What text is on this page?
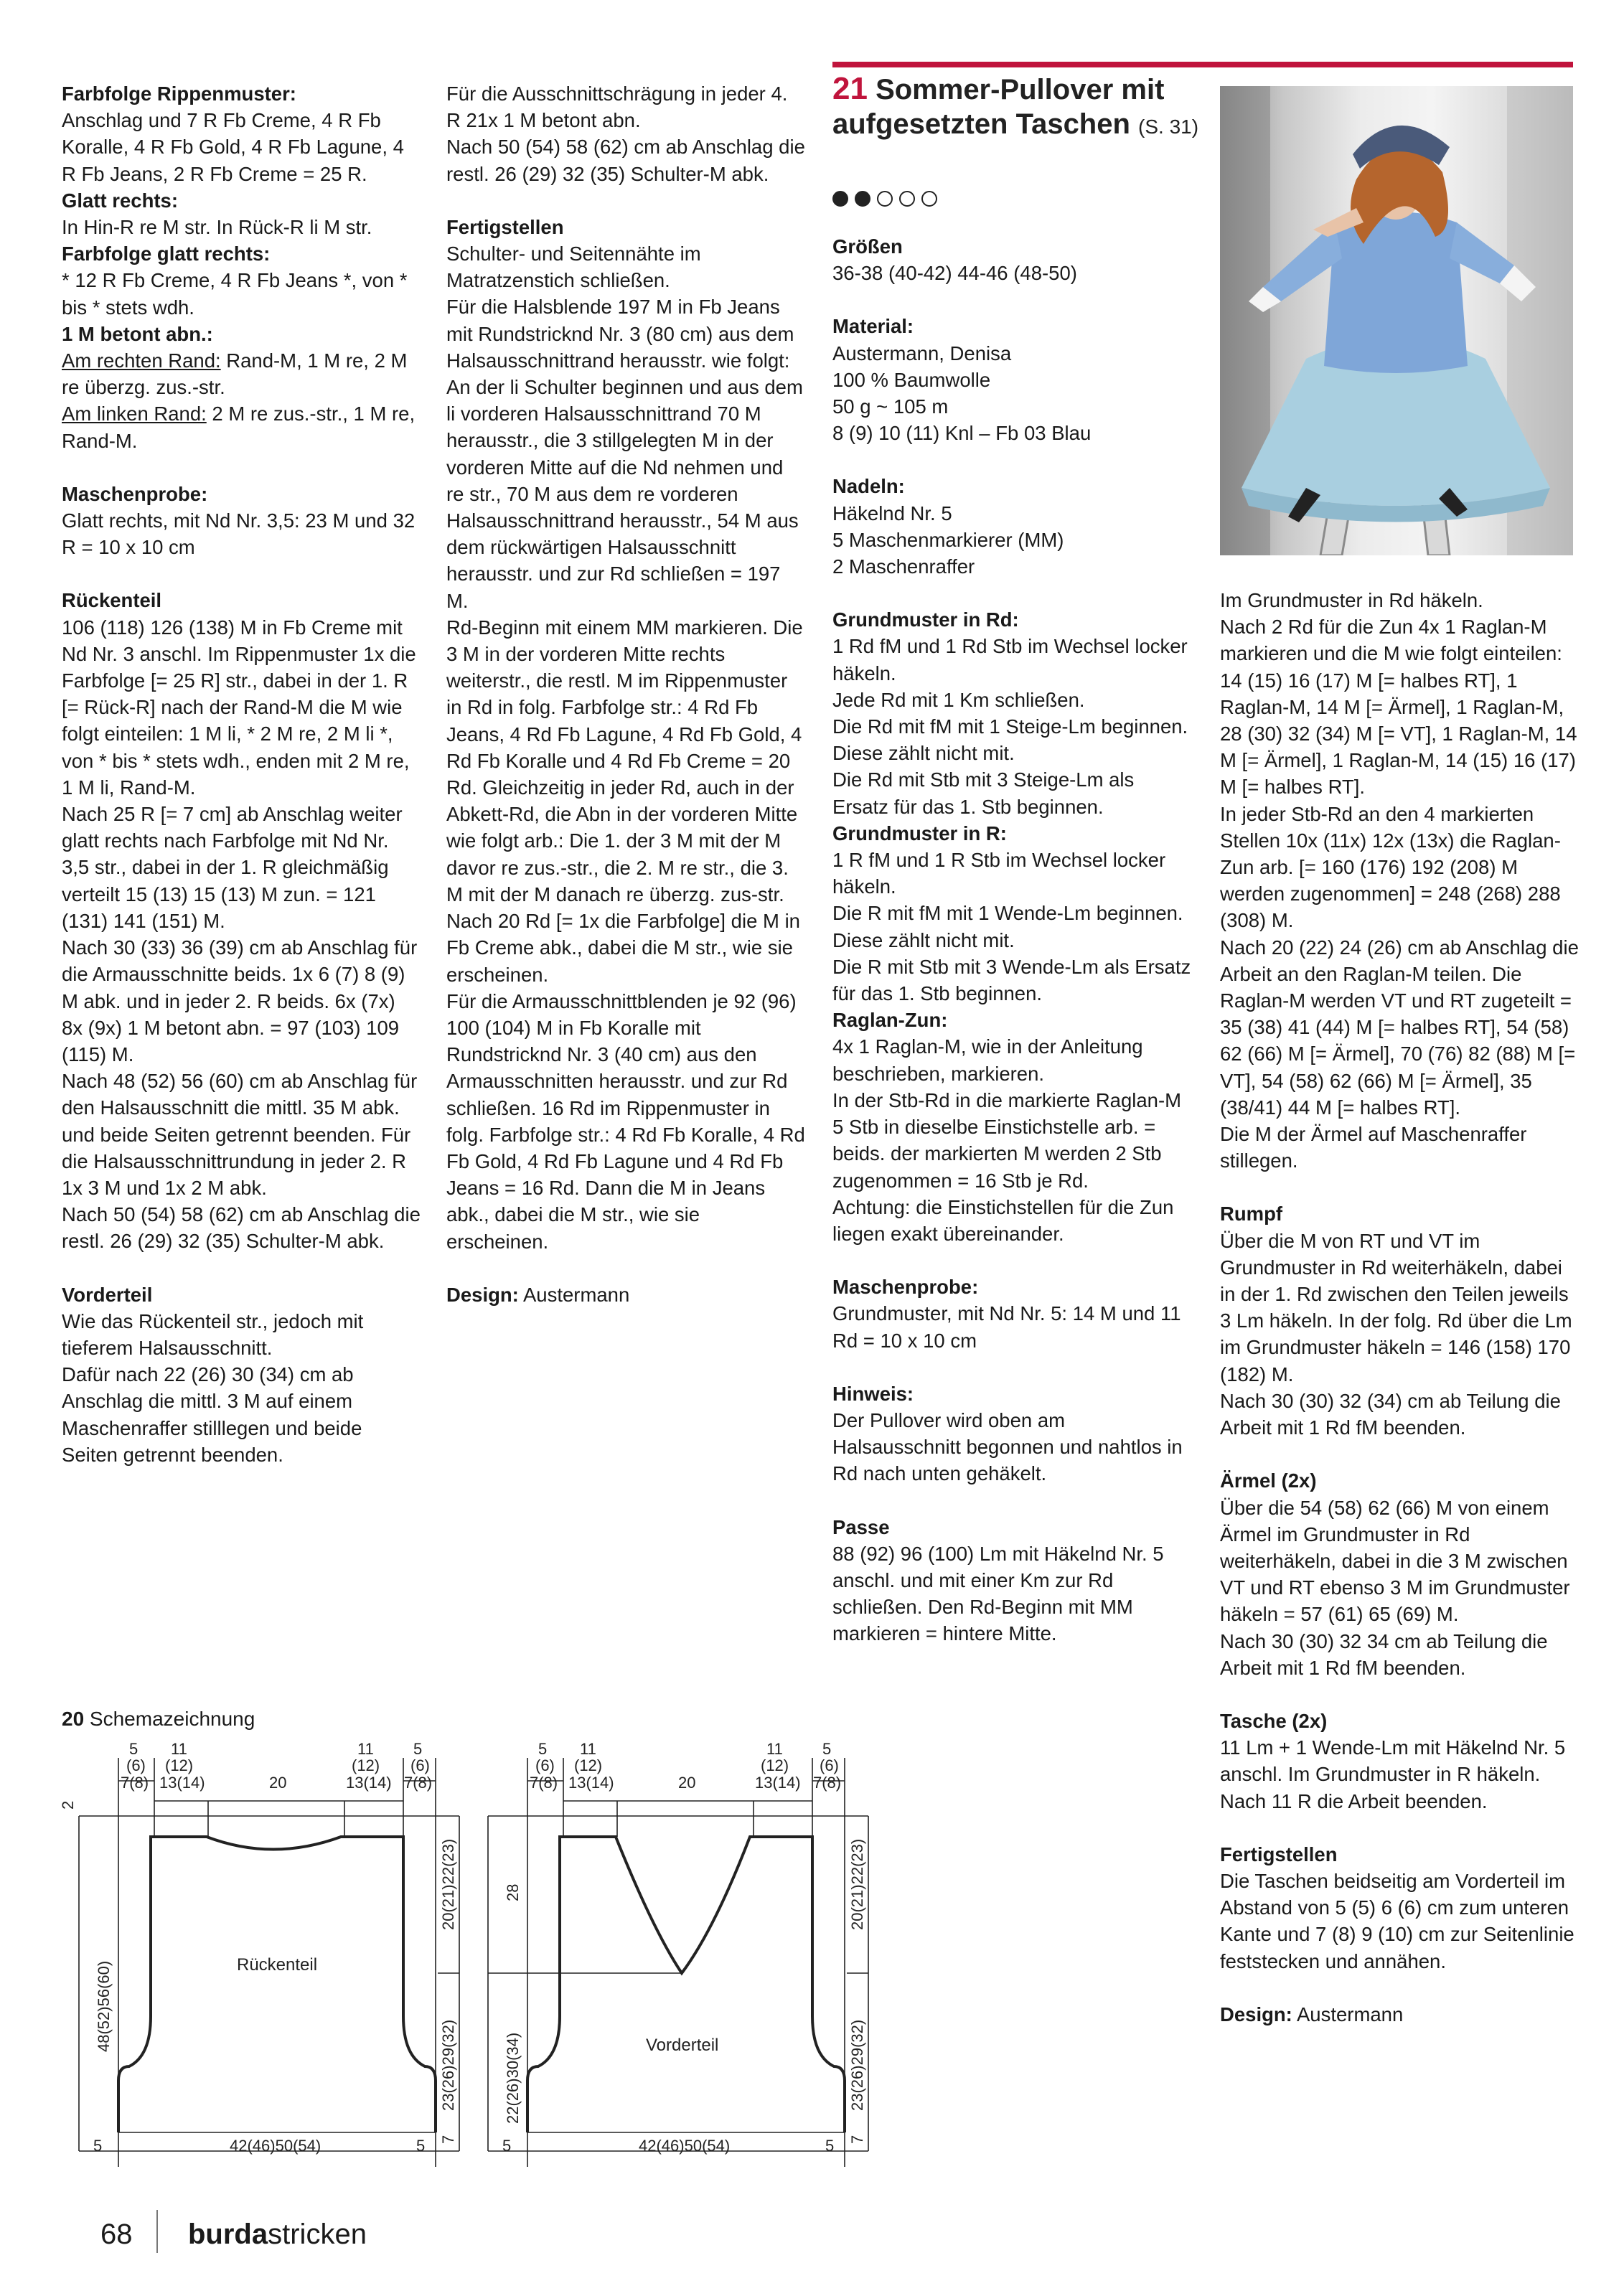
Farbfolge Rippenmuster:

Anschlag und 7 R Fb Creme, 4 R Fb Koralle, 4 R Fb Gold, 4 R Fb Lagune, 4 R Fb Jeans, 2 R Fb Creme = 25 R.

Glatt rechts:

In Hin-R re M str. In Rück-R li M str.

Farbfolge glatt rechts:

* 12 R Fb Creme, 4 R Fb Jeans *, von * bis * stets wdh.

1 M betont abn.:

Am rechten Rand: Rand-M, 1 M re, 2 M re überzg. zus.-str.

Am linken Rand: 2 M re zus.-str., 1 M re, Rand-M.

Maschenprobe:

Glatt rechts, mit Nd Nr. 3,5: 23 M und 32 R = 10 x 10 cm

Rückenteil

106 (118) 126 (138) M in Fb Creme mit Nd Nr. 3 anschl. Im Rippenmuster 1x die Farbfolge [= 25 R] str., dabei in der 1. R [= Rück-R] nach der Rand-M die M wie folgt einteilen: 1 M li, * 2 M re, 2 M li *, von * bis * stets wdh., enden mit 2 M re, 1 M li, Rand-M.

Nach 25 R [= 7 cm] ab Anschlag weiter glatt rechts nach Farbfolge mit Nd Nr. 3,5 str., dabei in der 1. R gleichmäßig verteilt 15 (13) 15 (13) M zun. = 121 (131) 141 (151) M.

Nach 30 (33) 36 (39) cm ab Anschlag für die Armausschnitte beids. 1x 6 (7) 8 (9) M abk. und in jeder 2. R beids. 6x (7x) 8x (9x) 1 M betont abn. = 97 (103) 109 (115) M.

Nach 48 (52) 56 (60) cm ab Anschlag für den Halsausschnitt die mittl. 35 M abk. und beide Seiten getrennt beenden. Für die Halsausschnittrundung in jeder 2. R 1x 3 M und 1x 2 M abk.

Nach 50 (54) 58 (62) cm ab Anschlag die restl. 26 (29) 32 (35) Schulter-M abk.

Vorderteil

Wie das Rückenteil str., jedoch mit tieferem Halsausschnitt.

Dafür nach 22 (26) 30 (34) cm ab Anschlag die mittl. 3 M auf einem Maschenraffer stilllegen und beide Seiten getrennt beenden.

Für die Ausschnittschrägung in jeder 4. R 21x 1 M betont abn.

Nach 50 (54) 58 (62) cm ab Anschlag die restl. 26 (29) 32 (35) Schulter-M abk.

Fertigstellen

Schulter- und Seitennähte im Matratzenstich schließen.

Für die Halsblende 197 M in Fb Jeans mit Rundstricknd Nr. 3 (80 cm) aus dem Halsausschnittrand herausstr. wie folgt: An der li Schulter beginnen und aus dem li vorderen Halsausschnittrand 70 M herausstr., die 3 stillgelegten M in der vorderen Mitte auf die Nd nehmen und re str., 70 M aus dem re vorderen Halsausschnittrand herausstr., 54 M aus dem rückwärtigen Halsausschnitt herausstr. und zur Rd schließen = 197 M.

Rd-Beginn mit einem MM markieren. Die 3 M in der vorderen Mitte rechts weiterstr., die restl. M im Rippenmuster in Rd in folg. Farbfolge str.: 4 Rd Fb Jeans, 4 Rd Fb Lagune, 4 Rd Fb Gold, 4 Rd Fb Koralle und 4 Rd Fb Creme = 20 Rd. Gleichzeitig in jeder Rd, auch in der Abkett-Rd, die Abn in der vorderen Mitte wie folgt arb.: Die 1. der 3 M mit der M davor re zus.-str., die 2. M re str., die 3. M mit der M danach re überzg. zus-str.

Nach 20 Rd [= 1x die Farbfolge] die M in Fb Creme abk., dabei die M str., wie sie erscheinen.

Für die Armausschnittblenden je 92 (96) 100 (104) M in Fb Koralle mit Rundstricknd Nr. 3 (40 cm) aus den Armausschnitten herausstr. und zur Rd schließen. 16 Rd im Rippenmuster in folg. Farbfolge str.: 4 Rd Fb Koralle, 4 Rd Fb Gold, 4 Rd Fb Lagune und 4 Rd Fb Jeans = 16 Rd. Dann die M in Jeans abk., dabei die M str., wie sie erscheinen.

Design: Austermann

21 Sommer-Pullover mit aufgesetzten Taschen (S. 31)

Größen

36-38 (40-42) 44-46 (48-50)

Material:

Austermann, Denisa

100 % Baumwolle

50 g ~ 105 m

8 (9) 10 (11) Knl – Fb 03 Blau

Nadeln:

Häkelnd Nr. 5

5 Maschenmarkierer (MM)

2 Maschenraffer

Grundmuster in Rd:

1 Rd fM und 1 Rd Stb im Wechsel locker häkeln.

Jede Rd mit 1 Km schließen.

Die Rd mit fM mit 1 Steige-Lm beginnen. Diese zählt nicht mit.

Die Rd mit Stb mit 3 Steige-Lm als Ersatz für das 1. Stb beginnen.

Grundmuster in R:

1 R fM und 1 R Stb im Wechsel locker häkeln.

Die R mit fM mit 1 Wende-Lm beginnen. Diese zählt nicht mit.

Die R mit Stb mit 3 Wende-Lm als Ersatz für das 1. Stb beginnen.

Raglan-Zun:

4x 1 Raglan-M, wie in der Anleitung beschrieben, markieren.

In der Stb-Rd in die markierte Raglan-M 5 Stb in dieselbe Einstichstelle arb. = beids. der markierten M werden 2 Stb zugenommen = 16 Stb je Rd.

Achtung: die Einstichstellen für die Zun liegen exakt übereinander.

Maschenprobe:

Grundmuster, mit Nd Nr. 5: 14 M und 11 Rd = 10 x 10 cm

Hinweis:

Der Pullover wird oben am Halsausschnitt begonnen und nahtlos in Rd nach unten gehäkelt.

Passe

88 (92) 96 (100) Lm mit Häkelnd Nr. 5 anschl. und mit einer Km zur Rd schließen. Den Rd-Beginn mit MM markieren = hintere Mitte.

Im Grundmuster in Rd häkeln.

Nach 2 Rd für die Zun 4x 1 Raglan-M markieren und die M wie folgt einteilen: 14 (15) 16 (17) M [= halbes RT], 1 Raglan-M, 14 M [= Ärmel], 1 Raglan-M, 28 (30) 32 (34) M [= VT], 1 Raglan-M, 14 M [= Ärmel], 1 Raglan-M, 14 (15) 16 (17) M [= halbes RT].

In jeder Stb-Rd an den 4 markierten Stellen 10x (11x) 12x (13x) die Raglan-Zun arb. [= 160 (176) 192 (208) M werden zugenommen] = 248 (268) 288 (308) M.

Nach 20 (22) 24 (26) cm ab Anschlag die Arbeit an den Raglan-M teilen. Die Raglan-M werden VT und RT zugeteilt = 35 (38) 41 (44) M [= halbes RT], 54 (58) 62 (66) M [= Ärmel], 70 (76) 82 (88) M [= VT], 54 (58) 62 (66) M [= Ärmel], 35 (38/41) 44 M [= halbes RT].

Die M der Ärmel auf Maschenraffer stillegen.

Rumpf

Über die M von RT und VT im Grundmuster in Rd weiterhäkeln, dabei in der 1. Rd zwischen den Teilen jeweils 3 Lm häkeln. In der folg. Rd über die Lm im Grundmuster häkeln = 146 (158) 170 (182) M.

Nach 30 (30) 32 (34) cm ab Teilung die Arbeit mit 1 Rd fM beenden.

Ärmel (2x)

Über die 54 (58) 62 (66) M von einem Ärmel im Grundmuster in Rd weiterhäkeln, dabei in die 3 M zwischen VT und RT ebenso 3 M im Grundmuster häkeln = 57 (61) 65 (69) M.

Nach 30 (30) 32 34 cm ab Teilung die Arbeit mit 1 Rd fM beenden.

Tasche (2x)

11 Lm + 1 Wende-Lm mit Häkelnd Nr. 5 anschl. Im Grundmuster in R häkeln.

Nach 11 R die Arbeit beenden.

Fertigstellen

Die Taschen beidseitig am Vorderteil im Abstand von 5 (5) 6 (6) cm zum unteren Kante und 7 (8) 9 (10) cm zur Seitenlinie feststecken und annähen.

Design: Austermann

20 Schemazeichnung
5
(6)
7(8)
11
(12)
13(14)	20
11
(12)
13(14)
5
(6)
7(8)
2
48(52)56(60)
20(21)22(23)
23(26)29(32)
7
Rückenteil
5	42(46)50(54)	5
5
(6)
7(8)
11
(12)
13(14)	20
11
(12)
13(14)
5
(6)
7(8)
28
22(26)30(34)
20(21)22(23)
23(26)29(32)
7
Vorderteil
5	42(46)50(54)	5
68 burdastricken
